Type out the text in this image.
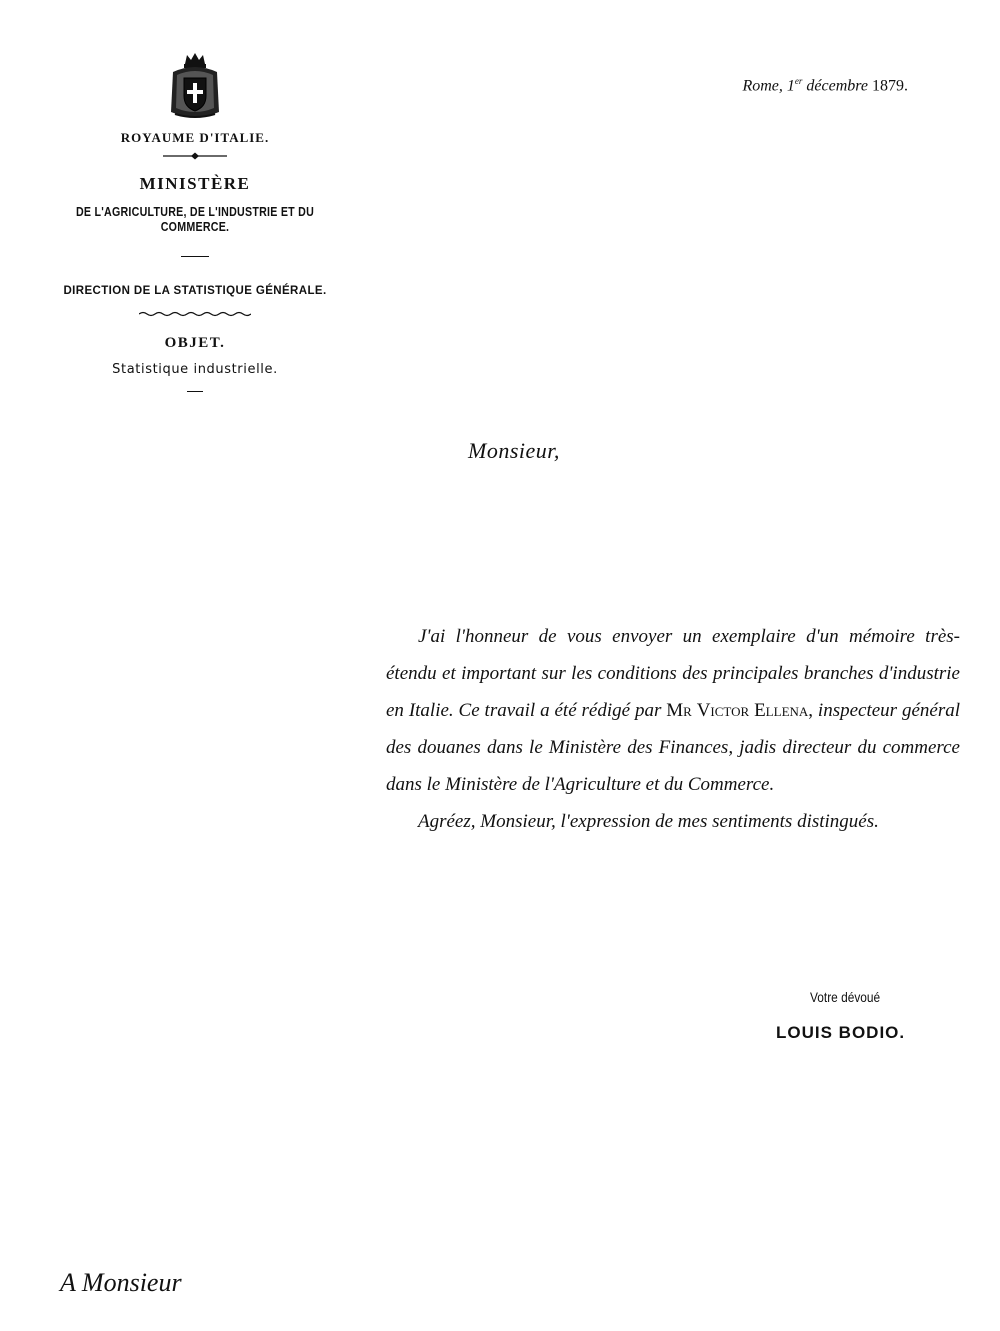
ROYAUME D'ITALIE.
MINISTÈRE
DE L'AGRICULTURE, DE L'INDUSTRIE ET DU COMMERCE.
DIRECTION DE LA STATISTIQUE GÉNÉRALE.
OBJET.
Statistique industrielle.
Rome, 1er décembre 1879.
Monsieur,

J'ai l'honneur de vous envoyer un exemplaire d'un mémoire très-étendu et important sur les conditions des principales branches d'industrie en Italie. Ce travail a été rédigé par Mr Victor Ellena, inspecteur général des douanes dans le Ministère des Finances, jadis directeur du commerce dans le Ministère de l'Agriculture et du Commerce.

Agréez, Monsieur, l'expression de mes sentiments distingués.

Votre dévoué
LOUIS BODIO.
A Monsieur
